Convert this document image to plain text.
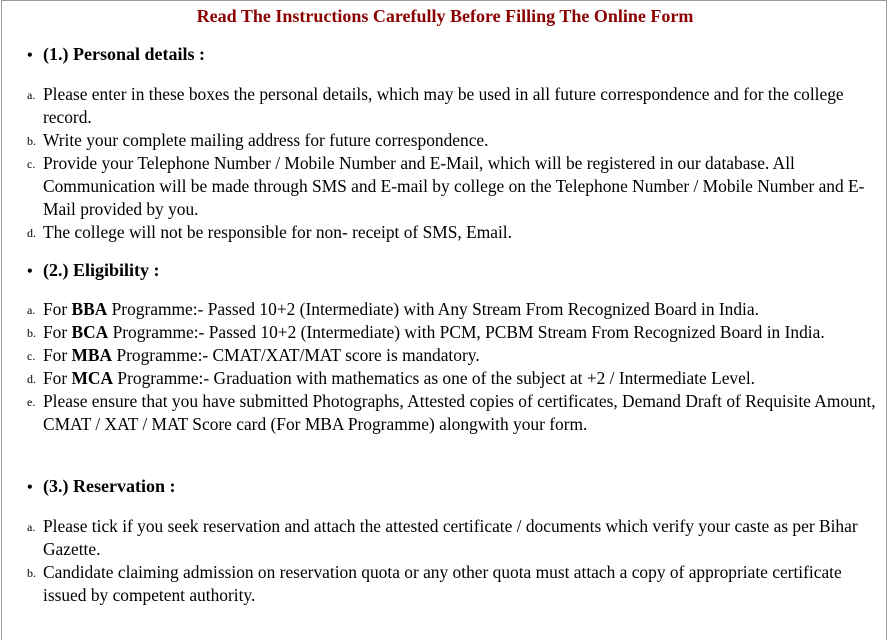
Read The Instructions Carefully Before Filling The Online Form
• (1.) Personal details :
a. Please enter in these boxes the personal details, which may be used in all future correspondence and for the college record.
b. Write your complete mailing address for future correspondence.
c. Provide your Telephone Number / Mobile Number and E-Mail, which will be registered in our database. All Communication will be made through SMS and E-mail by college on the Telephone Number / Mobile Number and E-Mail provided by you.
d. The college will not be responsible for non- receipt of SMS, Email.
• (2.) Eligibility :
a. For BBA Programme:- Passed 10+2 (Intermediate) with Any Stream From Recognized Board in India.
b. For BCA Programme:- Passed 10+2 (Intermediate) with PCM, PCBM Stream From Recognized Board in India.
c. For MBA Programme:- CMAT/XAT/MAT score is mandatory.
d. For MCA Programme:- Graduation with mathematics as one of the subject at +2 / Intermediate Level.
e. Please ensure that you have submitted Photographs, Attested copies of certificates, Demand Draft of Requisite Amount, CMAT / XAT / MAT Score card (For MBA Programme) alongwith your form.
• (3.) Reservation :
a. Please tick if you seek reservation and attach the attested certificate / documents which verify your caste as per Bihar Gazette.
b. Candidate claiming admission on reservation quota or any other quota must attach a copy of appropriate certificate issued by competent authority.
